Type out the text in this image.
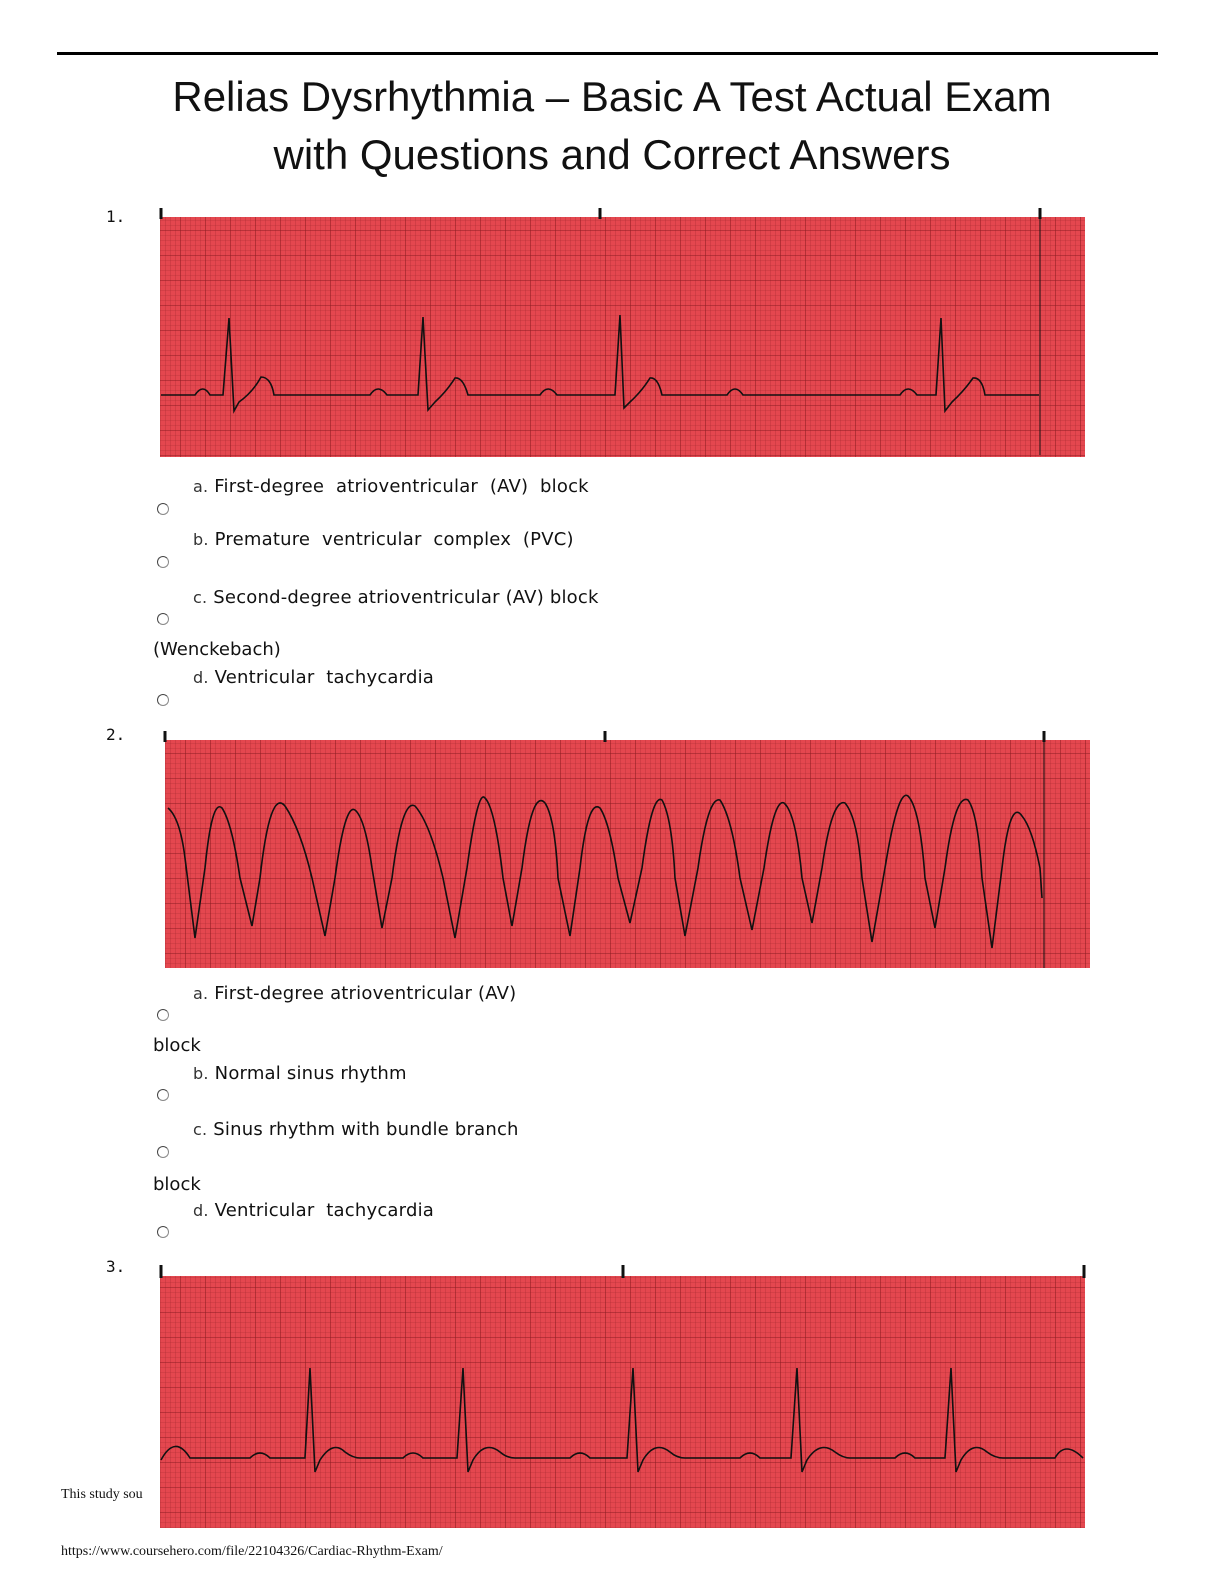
Relias Dysrhythmia – Basic A Test Actual Exam
with Questions and Correct Answers
1.
a. First-degree  atrioventricular  (AV)  block
b. Premature  ventricular  complex  (PVC)
c. Second-degree atrioventricular (AV) block
(Wenckebach)
d. Ventricular  tachycardia
2.
a. First-degree atrioventricular (AV)
block
b. Normal sinus rhythm
c. Sinus rhythm with bundle branch
block
d. Ventricular  tachycardia
3.
This study sou
https://www.coursehero.com/file/22104326/Cardiac-Rhythm-Exam/
